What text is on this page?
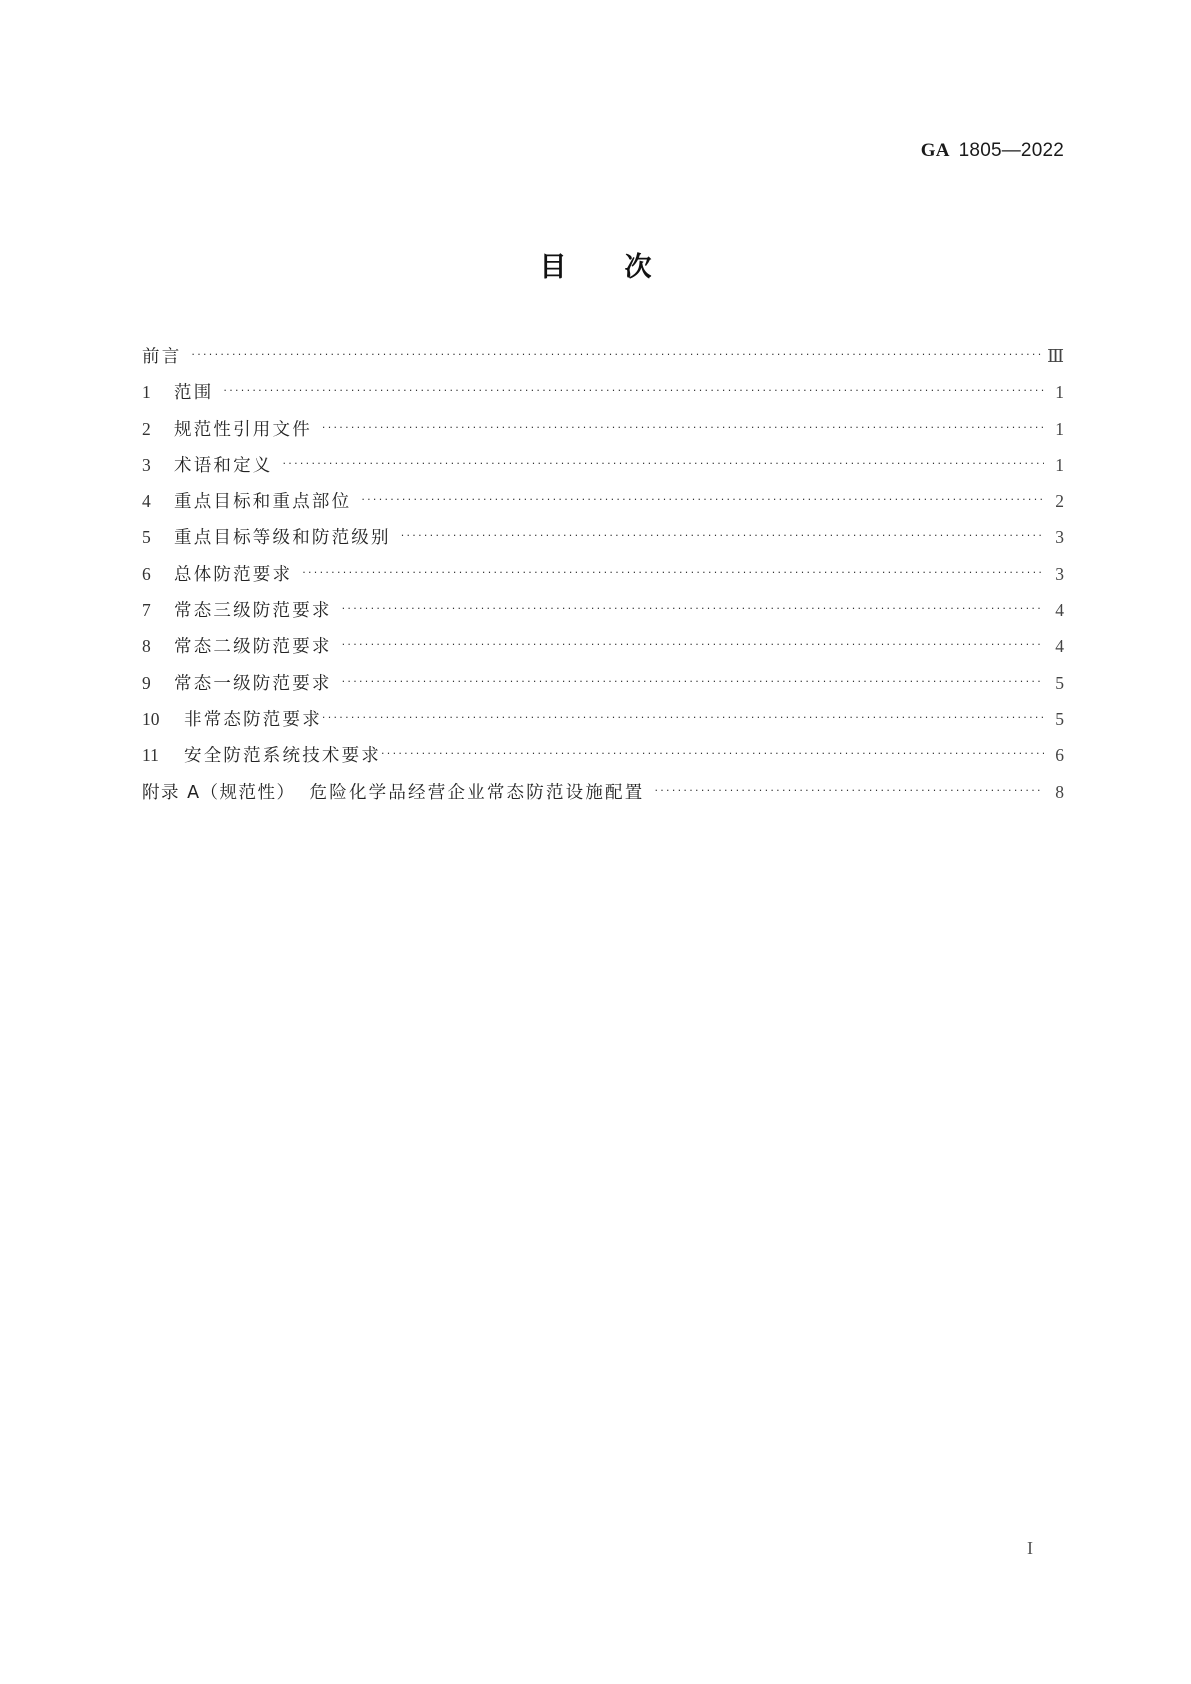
GA 1805—2022
目 次
前言 ·····	Ⅲ
1	范围 ·····	1
2	规范性引用文件 ·····	1
3	术语和定义 ·····	1
4	重点目标和重点部位 ·····	2
5	重点目标等级和防范级别 ·····	3
6	总体防范要求 ·····	3
7	常态三级防范要求 ·····	4
8	常态二级防范要求 ·····	4
9	常态一级防范要求 ·····	5
10	非常态防范要求 ·····	5
11	安全防范系统技术要求 ·····	6
附录 A（规范性） 危险化学品经营企业常态防范设施配置 ·····	8
I
